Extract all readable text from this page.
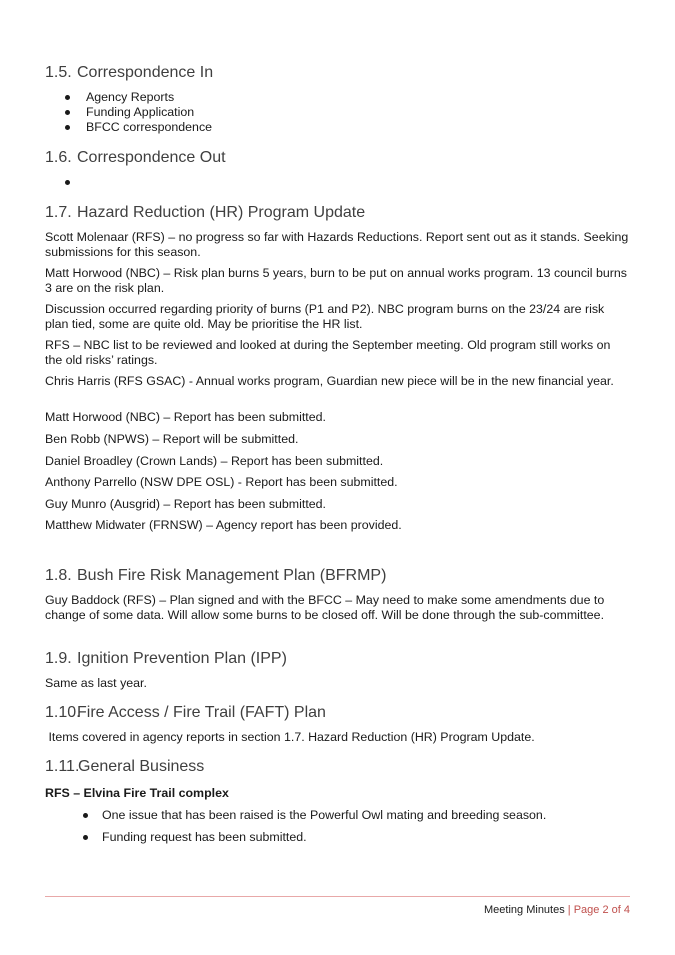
1.5. Correspondence In
Agency Reports
Funding Application
BFCC correspondence
1.6. Correspondence Out
1.7. Hazard Reduction (HR) Program Update

Scott Molenaar (RFS) – no progress so far with Hazards Reductions. Report sent out as it stands. Seeking submissions for this season.

Matt Horwood (NBC) – Risk plan burns 5 years, burn to be put on annual works program. 13 council burns 3 are on the risk plan.

Discussion occurred regarding priority of burns (P1 and P2). NBC program burns on the 23/24 are risk plan tied, some are quite old. May be prioritise the HR list.

RFS – NBC list to be reviewed and looked at during the September meeting. Old program still works on the old risks’ ratings.

Chris Harris (RFS GSAC) - Annual works program, Guardian new piece will be in the new financial year.

Matt Horwood (NBC) – Report has been submitted.

Ben Robb (NPWS) – Report will be submitted.

Daniel Broadley (Crown Lands) – Report has been submitted.

Anthony Parrello (NSW DPE OSL) - Report has been submitted.

Guy Munro (Ausgrid) – Report has been submitted.

Matthew Midwater (FRNSW) – Agency report has been provided.

1.8. Bush Fire Risk Management Plan (BFRMP)

Guy Baddock (RFS) – Plan signed and with the BFCC – May need to make some amendments due to change of some data. Will allow some burns to be closed off. Will be done through the sub-committee.

1.9. Ignition Prevention Plan (IPP)

Same as last year.

1.10.Fire Access / Fire Trail (FAFT) Plan

Items covered in agency reports in section 1.7. Hazard Reduction (HR) Program Update.

1.11.General Business
RFS – Elvina Fire Trail complex
One issue that has been raised is the Powerful Owl mating and breeding season.
Funding request has been submitted.
Meeting Minutes | Page 2 of 4
